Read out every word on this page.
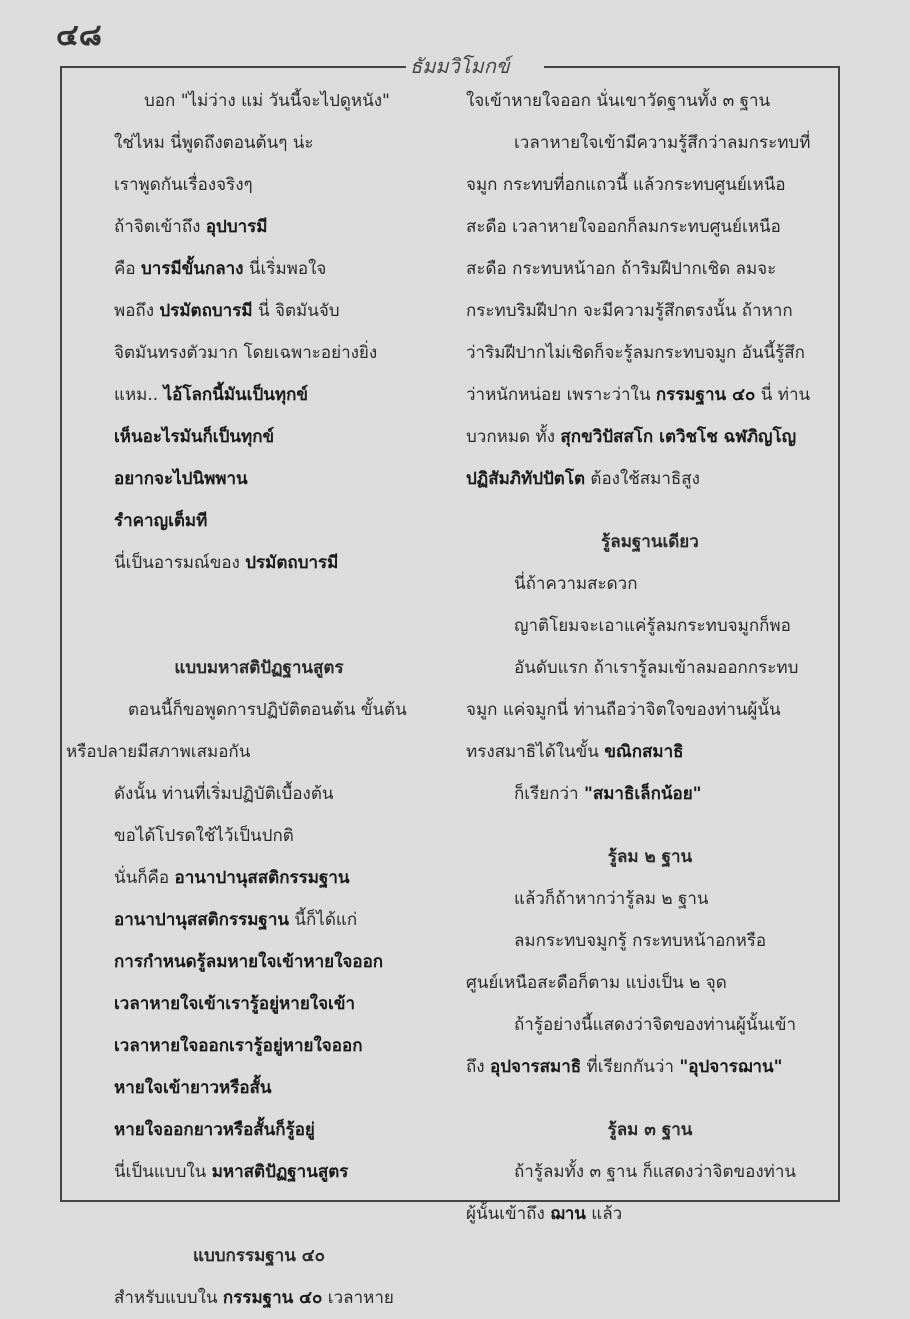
๔๘
ธัมมวิโมกข์
บอก "ไม่ว่าง แม่ วันนี้จะไปดูหนัง"
ใช่ไหม นี่พูดถึงตอนต้นๆ น่ะ
เราพูดกันเรื่องจริงๆ
ถ้าจิตเข้าถึง อุปบารมี
คือ บารมีขั้นกลาง นี่เริ่มพอใจ
พอถึง ปรมัตถบารมี นี่ จิตมันจับ
จิตมันทรงตัวมาก โดยเฉพาะอย่างยิ่ง
แหม.. ไอ้โลกนี้มันเป็นทุกข์
เห็นอะไรมันก็เป็นทุกข์
อยากจะไปนิพพาน
รำคาญเต็มที
นี่เป็นอารมณ์ของ ปรมัตถบารมี
แบบมหาสติปัฏฐานสูตร
ตอนนี้ก็ขอพูดการปฏิบัติตอนต้น ขั้นต้น
หรือปลายมีสภาพเสมอกัน
ดังนั้น ท่านที่เริ่มปฏิบัติเบื้องต้น
ขอได้โปรดใช้ไว้เป็นปกติ
นั่นก็คือ อานาปานุสสติกรรมฐาน
อานาปานุสสติกรรมฐาน นี้ก็ได้แก่
การกำหนดรู้ลมหายใจเข้าหายใจออก
เวลาหายใจเข้าเรารู้อยู่หายใจเข้า
เวลาหายใจออกเรารู้อยู่หายใจออก
หายใจเข้ายาวหรือสั้น
หายใจออกยาวหรือสั้นก็รู้อยู่
นี่เป็นแบบใน มหาสติปัฏฐานสูตร
แบบกรรมฐาน ๔๐
สำหรับแบบใน กรรมฐาน ๔๐ เวลาหาย
ใจเข้าหายใจออก นั่นเขาวัดฐานทั้ง ๓ ฐาน
เวลาหายใจเข้ามีความรู้สึกว่าลมกระทบที่
จมูก กระทบที่อกแถวนี้ แล้วกระทบศูนย์เหนือ
สะดือ เวลาหายใจออกก็ลมกระทบศูนย์เหนือ
สะดือ กระทบหน้าอก ถ้าริมฝีปากเชิด ลมจะ
กระทบริมฝีปาก จะมีความรู้สึกตรงนั้น ถ้าหาก
ว่าริมฝีปากไม่เชิดก็จะรู้ลมกระทบจมูก อันนี้รู้สึก
ว่าหนักหน่อย เพราะว่าใน กรรมฐาน ๔๐ นี่ ท่าน
บวกหมด ทั้ง สุกขวิปัสสโก เตวิชโช ฉฬภิญโญ
ปฏิสัมภิทัปปัตโต ต้องใช้สมาธิสูง
รู้ลมฐานเดียว
นี่ถ้าความสะดวก
ญาติโยมจะเอาแค่รู้ลมกระทบจมูกก็พอ
อันดับแรก ถ้าเรารู้ลมเข้าลมออกกระทบ
จมูก แค่จมูกนี่ ท่านถือว่าจิตใจของท่านผู้นั้น
ทรงสมาธิได้ในขั้น ขณิกสมาธิ
ก็เรียกว่า "สมาธิเล็กน้อย"
รู้ลม ๒ ฐาน
แล้วก็ถ้าหากว่ารู้ลม ๒ ฐาน
ลมกระทบจมูกรู้ กระทบหน้าอกหรือ
ศูนย์เหนือสะดือก็ตาม แบ่งเป็น ๒ จุด
ถ้ารู้อย่างนี้แสดงว่าจิตของท่านผู้นั้นเข้า
ถึง อุปจารสมาธิ ที่เรียกกันว่า "อุปจารฌาน"
รู้ลม ๓ ฐาน
ถ้ารู้ลมทั้ง ๓ ฐาน ก็แสดงว่าจิตของท่าน
ผู้นั้นเข้าถึง ฌาน แล้ว
